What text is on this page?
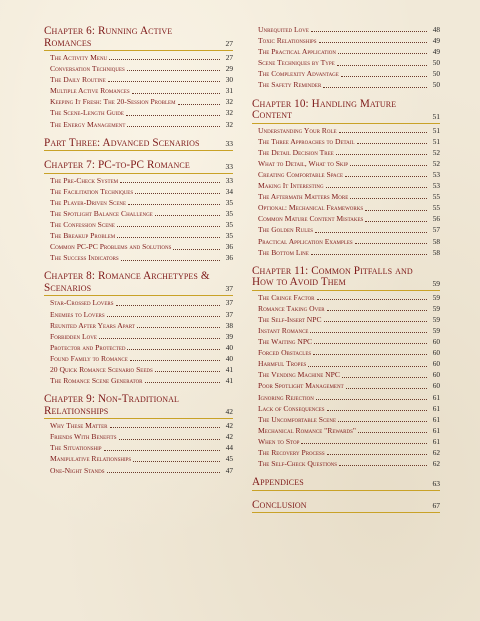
Chapter 6: Running Active Romances	27
The Activity Menu	27
Conversation Techniques	29
The Daily Routine	30
Multiple Active Romances	31
Keeping It Fresh: The 20-Session Problem	32
The Scene-Length Guide	32
The Energy Management	32
Part Three: Advanced Scenarios	33
Chapter 7: PC-to-PC Romance	33
The Pre-Check System	33
The Facilitation Techniques	34
The Player-Driven Scene	35
The Spotlight Balance Challenge	35
The Confession Scene	35
The Breakup Problem	35
Common PC-PC Problems and Solutions	36
The Success Indicators	36
Chapter 8: Romance Archetypes & Scenarios	37
Star-Crossed Lovers	37
Enemies to Lovers	37
Reunited After Years Apart	38
Forbidden Love	39
Protector and Protected	40
Found Family to Romance	40
20 Quick Romance Scenario Seeds	41
The Romance Scene Generator	41
Chapter 9: Non-Traditional Relationships	42
Why These Matter	42
Friends With Benefits	42
The Situationship	44
Manipulative Relationships	45
One-Night Stands	47
Unrequited Love	48
Toxic Relationships	49
The Practical Application	49
Scene Techniques by Type	50
The Complexity Advantage	50
The Safety Reminder	50
Chapter 10: Handling Mature Content	51
Understanding Your Role	51
The Three Approaches to Detail	51
The Detail Decision Tree	52
What to Detail, What to Skip	52
Creating Comfortable Space	53
Making It Interesting	53
The Aftermath Matters More	55
Optional: Mechanical Frameworks	55
Common Mature Content Mistakes	56
The Golden Rules	57
Practical Application Examples	58
The Bottom Line	58
Chapter 11: Common Pitfalls and How to Avoid Them	59
The Cringe Factor	59
Romance Taking Over	59
The Self-Insert NPC	59
Instant Romance	59
The Waiting NPC	60
Forced Obstacles	60
Harmful Tropes	60
The Vending Machine NPC	60
Poor Spotlight Management	60
Ignoring Rejection	61
Lack of Consequences	61
The Uncomfortable Scene	61
Mechanical Romance "Rewards"	61
When to Stop	61
The Recovery Process	62
The Self-Check Questions	62
Appendices	63
Conclusion	67
